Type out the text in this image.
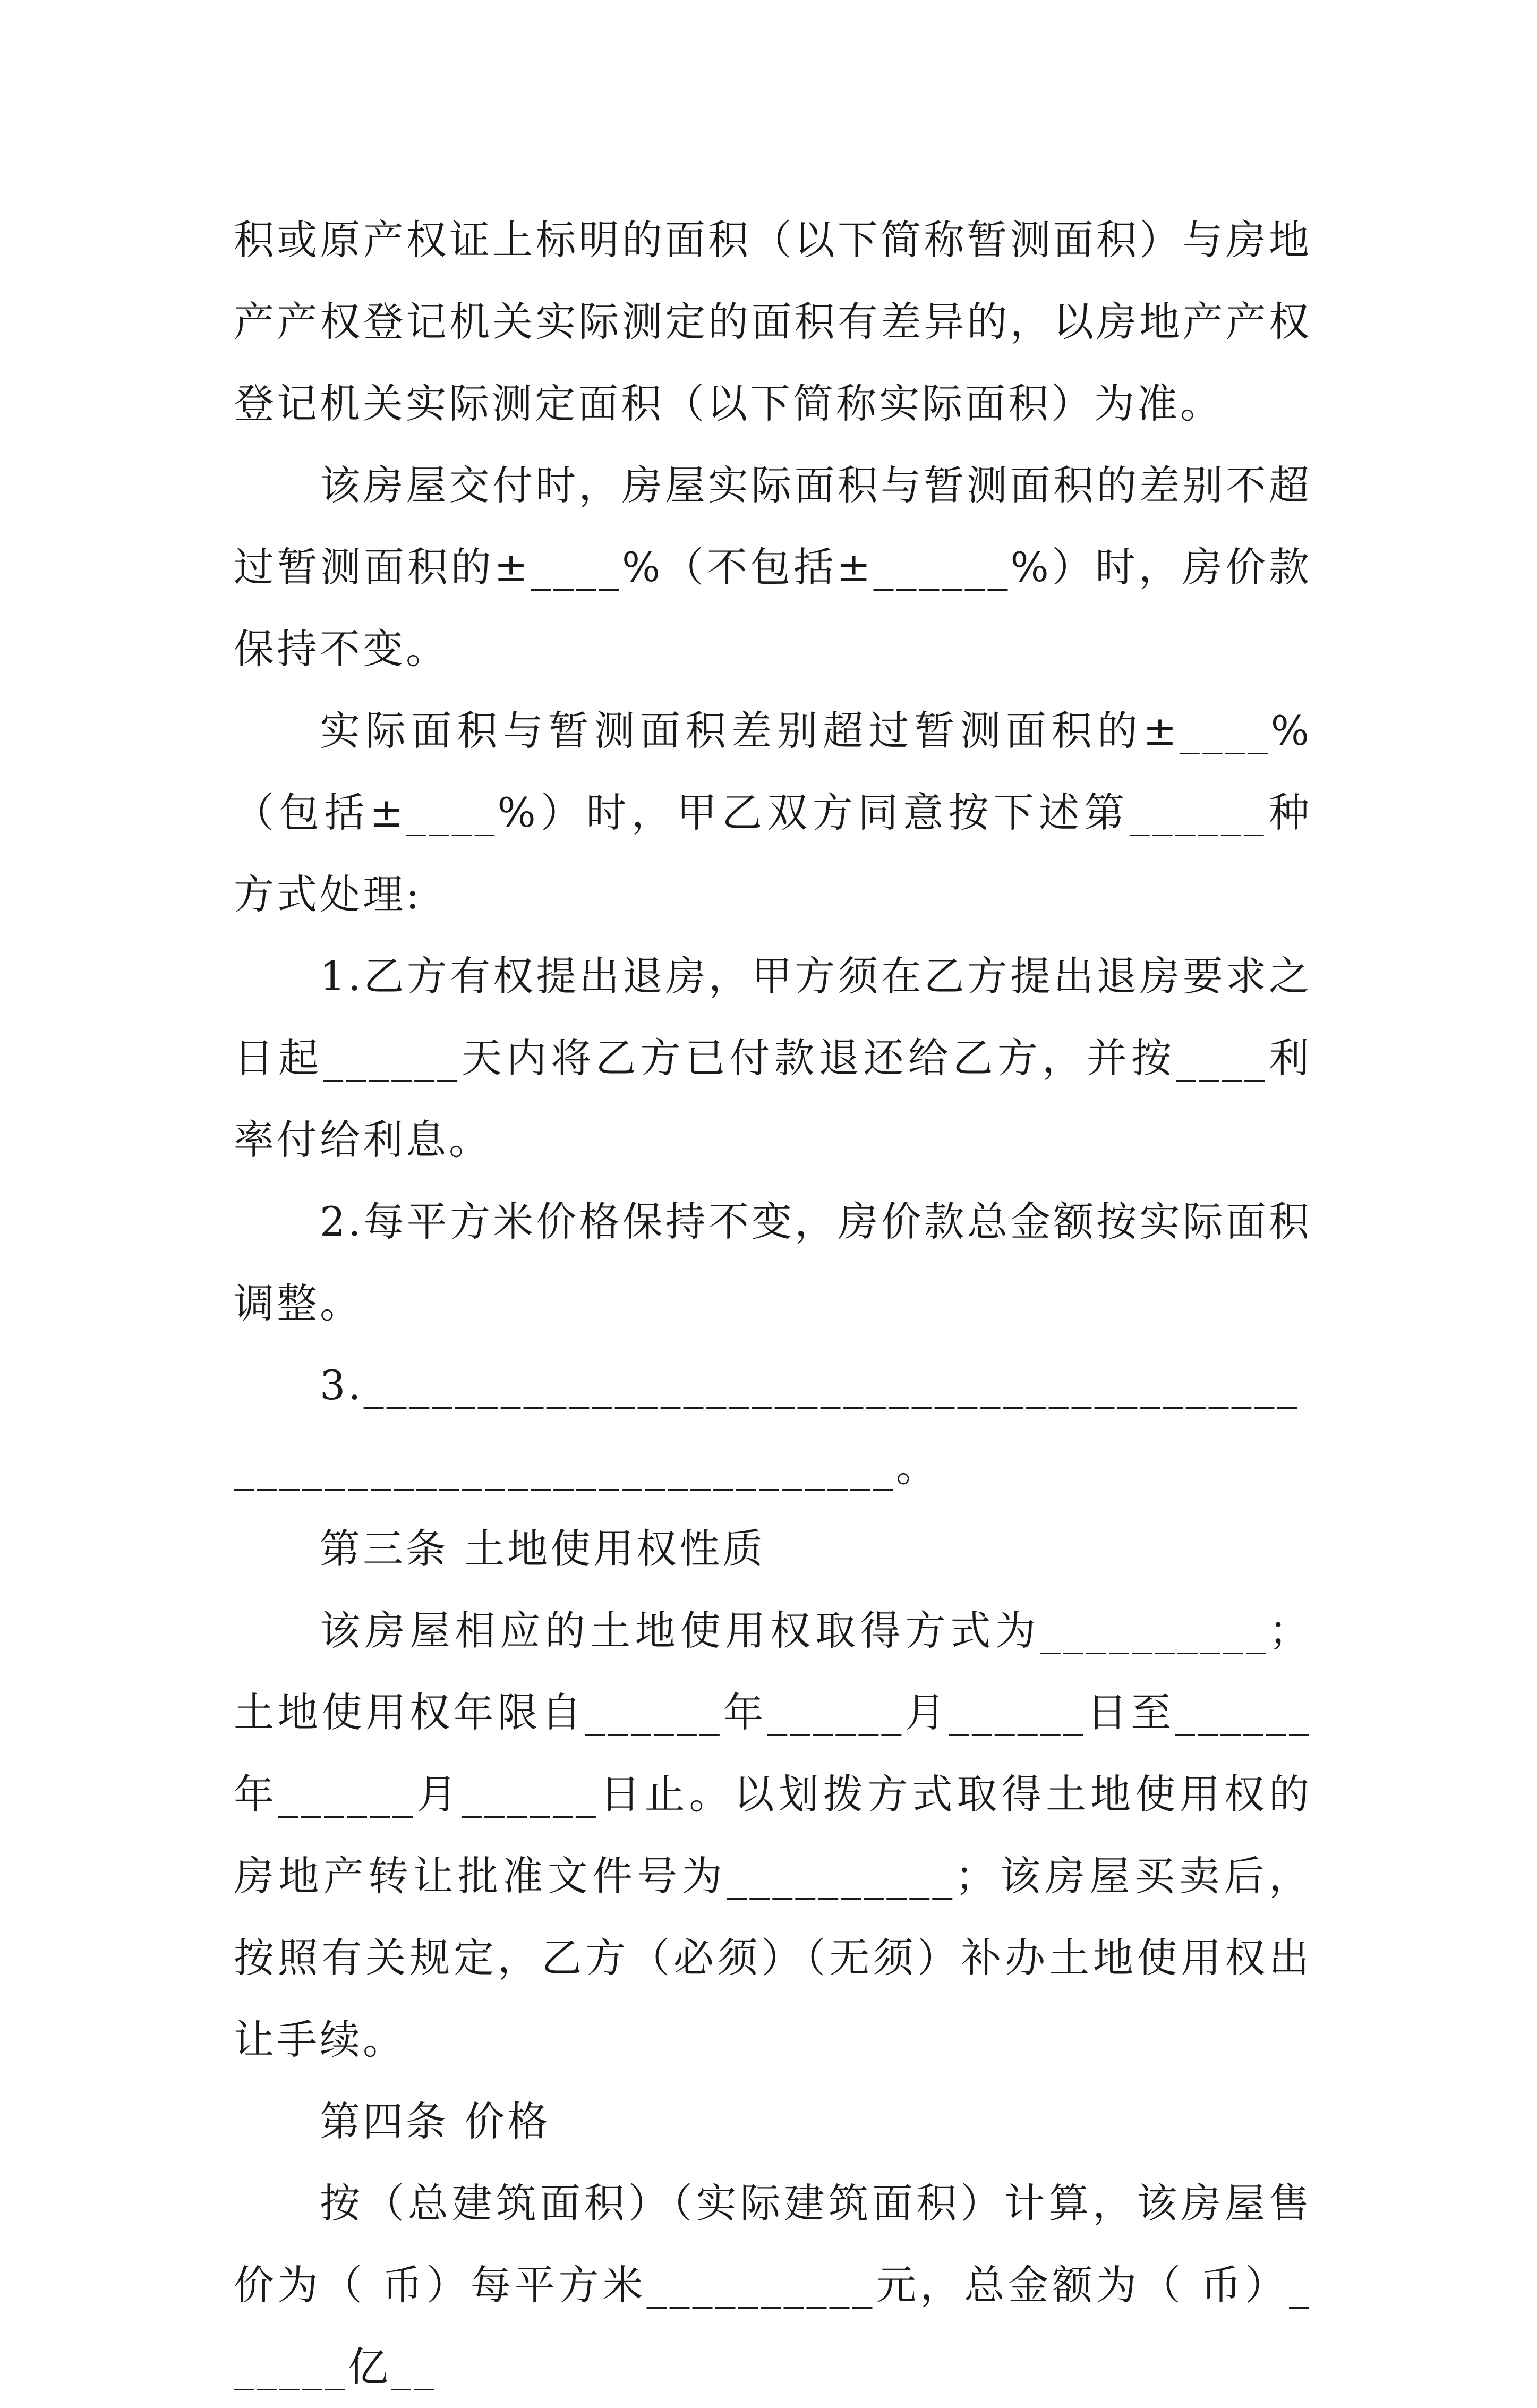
积或原产权证上标明的面积（以下简称暂测面积）与房地产产权登记机关实际测定的面积有差异的，以房地产产权登记机关实际测定面积（以下简称实际面积）为准。

该房屋交付时，房屋实际面积与暂测面积的差别不超过暂测面积的±____%（不包括±______%）时，房价款保持不变。

实际面积与暂测面积差别超过暂测面积的±____%（包括±____%）时，甲乙双方同意按下述第______种方式处理:

1.乙方有权提出退房，甲方须在乙方提出退房要求之日起______天内将乙方已付款退还给乙方，并按____利率付给利息。

2.每平方米价格保持不变，房价款总金额按实际面积调整。

3.______________________________________________________________________。

第三条 土地使用权性质

该房屋相应的土地使用权取得方式为__________；土地使用权年限自______年______月______日至______年______月______日止。以划拨方式取得土地使用权的房地产转让批准文件号为__________；该房屋买卖后，按照有关规定，乙方（必须）（无须）补办土地使用权出让手续。

第四条 价格

按（总建筑面积）（实际建筑面积）计算，该房屋售价为（ 币）每平方米__________元，总金额为（ 币）______亿__
